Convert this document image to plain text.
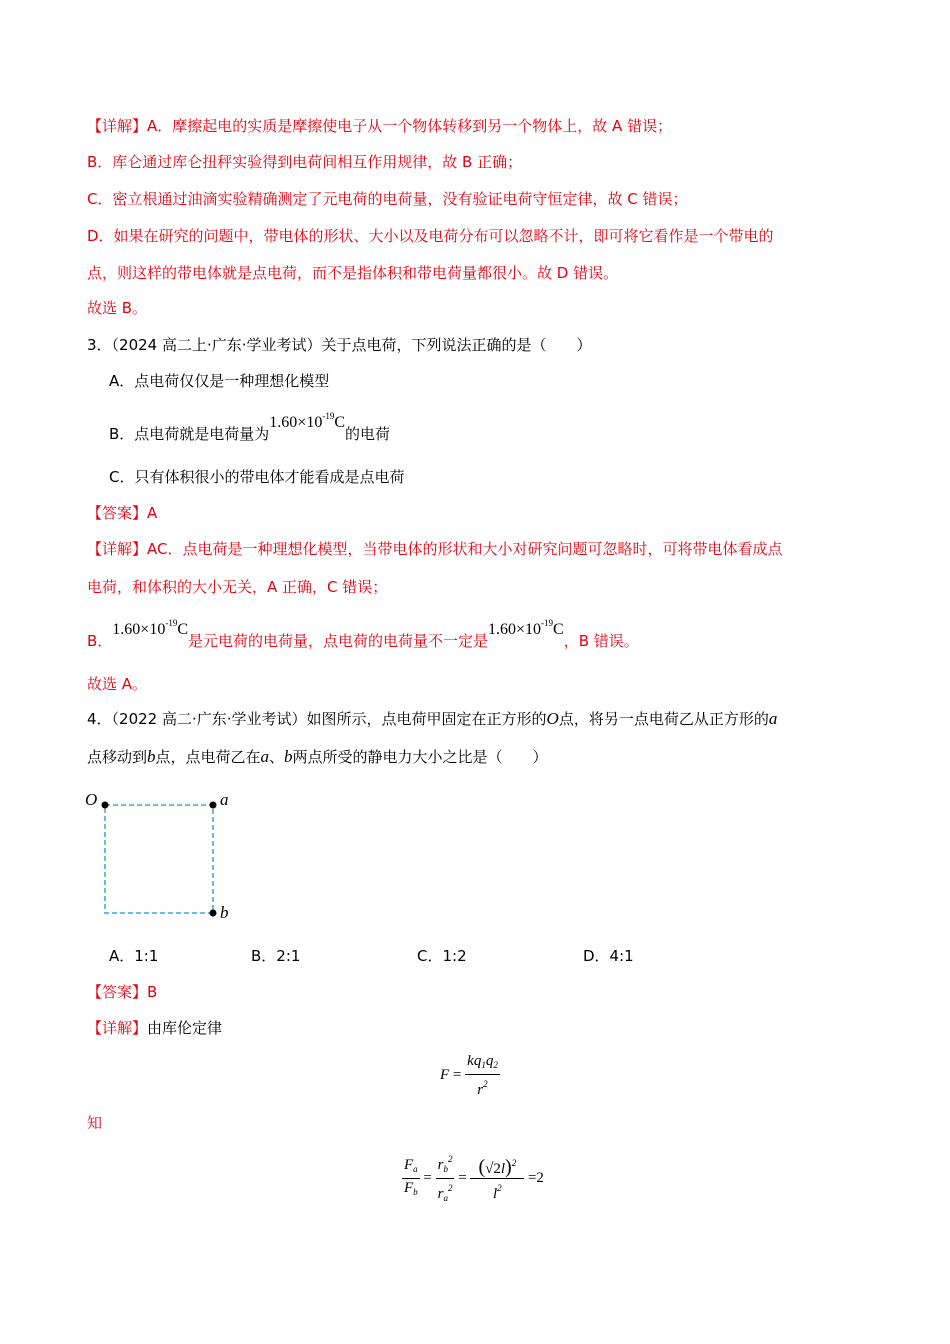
【详解】A．摩擦起电的实质是摩擦使电子从一个物体转移到另一个物体上，故 A 错误；
B．库仑通过库仑扭秤实验得到电荷间相互作用规律，故 B 正确；
C．密立根通过油滴实验精确测定了元电荷的电荷量，没有验证电荷守恒定律，故 C 错误；
D．如果在研究的问题中，带电体的形状、大小以及电荷分布可以忽略不计，即可将它看作是一个带电的
点，则这样的带电体就是点电荷，而不是指体积和带电荷量都很小。故 D 错误。
故选 B。
3．（2024 高二上·广东·学业考试）关于点电荷，下列说法正确的是（　　）
A．点电荷仅仅是一种理想化模型
B．点电荷就是电荷量为$1.60\times 10^{-19}C$的电荷
C．只有体积很小的带电体才能看成是点电荷
【答案】A
【详解】AC．点电荷是一种理想化模型，当带电体的形状和大小对研究问题可忽略时，可将带电体看成点
电荷，和体积的大小无关，A 正确，C 错误；
B．$1.60\times 10^{-19}C$是元电荷的电荷量，点电荷的电荷量不一定是$1.60\times 10^{-19}C$，B 错误。
故选 A。
4．（2022 高二·广东·学业考试）如图所示，点电荷甲固定在正方形的O点，将另一点电荷乙从正方形的a
点移动到b点，点电荷乙在a、b两点所受的静电力大小之比是（　　）
O	a
b
A．1:1	B．2:1	C．1:2	D．4:1
【答案】B
【详解】由库伦定律
$F = \frac{kq_1q_2}{r^2}$
知
$\frac{F_a}{F_b} = \frac{r_b^2}{r_a^2} = \frac{(√2l)^2}{l^2} =2$
